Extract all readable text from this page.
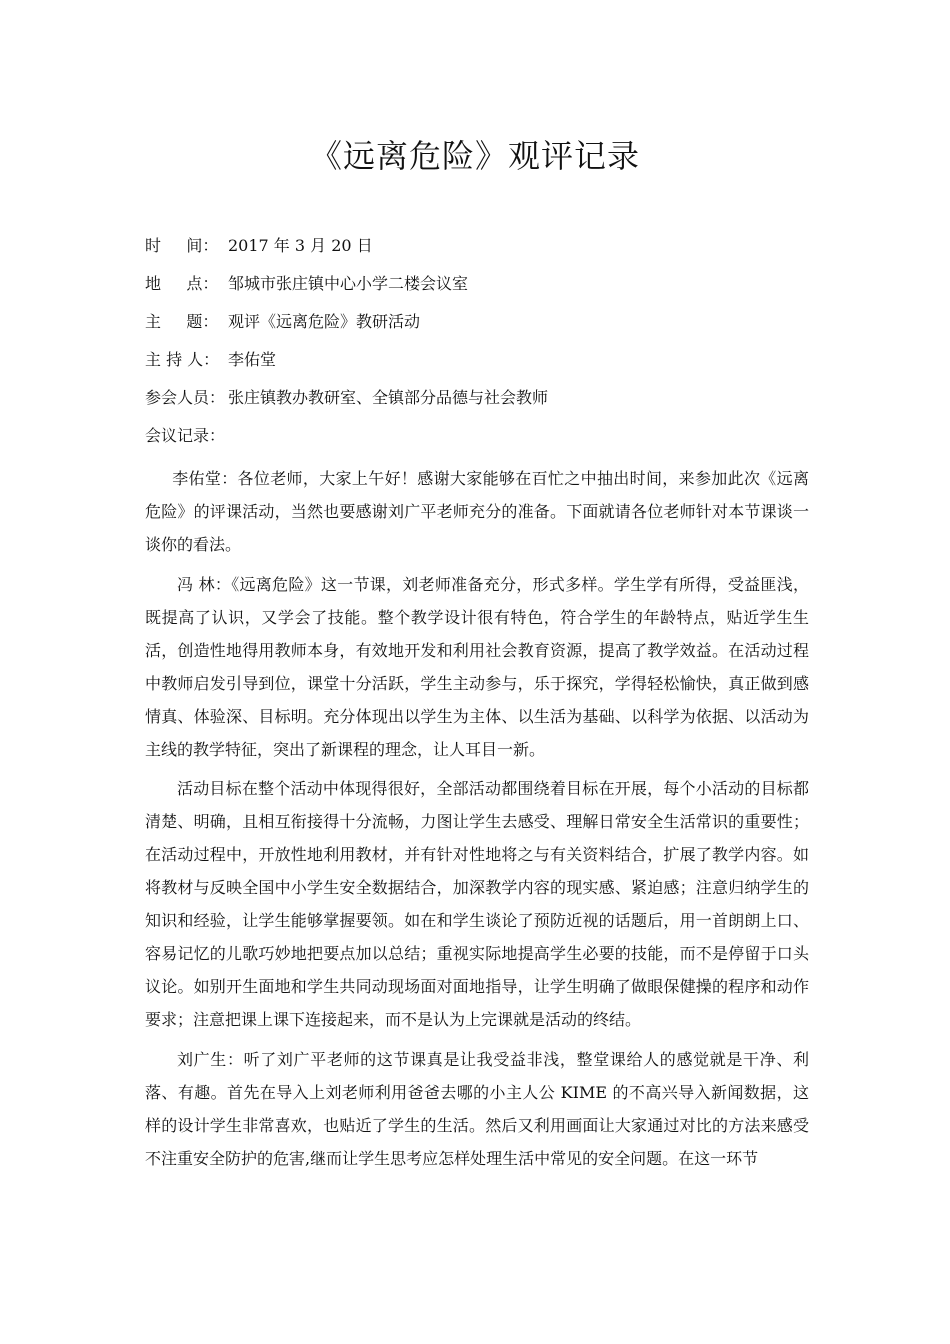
《远离危险》观评记录
时     间： 2017 年 3 月 20 日
地     点： 邹城市张庄镇中心小学二楼会议室
主     题： 观评《远离危险》教研活动
主 持 人： 李佑堂
参会人员： 张庄镇教办教研室、全镇部分品德与社会教师
会议记录：

李佑堂：各位老师，大家上午好！感谢大家能够在百忙之中抽出时间，来参加此次《远离危险》的评课活动，当然也要感谢刘广平老师充分的准备。下面就请各位老师针对本节课谈一谈你的看法。

冯 林：《远离危险》这一节课，刘老师准备充分，形式多样。学生学有所得，受益匪浅，既提高了认识，又学会了技能。整个教学设计很有特色，符合学生的年龄特点，贴近学生生活，创造性地得用教师本身，有效地开发和利用社会教育资源，提高了教学效益。在活动过程中教师启发引导到位，课堂十分活跃，学生主动参与，乐于探究，学得轻松愉快，真正做到感情真、体验深、目标明。充分体现出以学生为主体、以生活为基础、以科学为依据、以活动为主线的教学特征，突出了新课程的理念，让人耳目一新。

活动目标在整个活动中体现得很好，全部活动都围绕着目标在开展，每个小活动的目标都清楚、明确，且相互衔接得十分流畅，力图让学生去感受、理解日常安全生活常识的重要性；在活动过程中，开放性地利用教材，并有针对性地将之与有关资料结合，扩展了教学内容。如将教材与反映全国中小学生安全数据结合，加深教学内容的现实感、紧迫感；注意归纳学生的知识和经验，让学生能够掌握要领。如在和学生谈论了预防近视的话题后，用一首朗朗上口、容易记忆的儿歌巧妙地把要点加以总结；重视实际地提高学生必要的技能，而不是停留于口头议论。如别开生面地和学生共同动现场面对面地指导，让学生明确了做眼保健操的程序和动作要求；注意把课上课下连接起来，而不是认为上完课就是活动的终结。

刘广生：听了刘广平老师的这节课真是让我受益非浅，整堂课给人的感觉就是干净、利落、有趣。首先在导入上刘老师利用爸爸去哪的小主人公 KIME 的不高兴导入新闻数据，这样的设计学生非常喜欢，也贴近了学生的生活。然后又利用画面让大家通过对比的方法来感受不注重安全防护的危害,继而让学生思考应怎样处理生活中常见的安全问题。在这一环节
